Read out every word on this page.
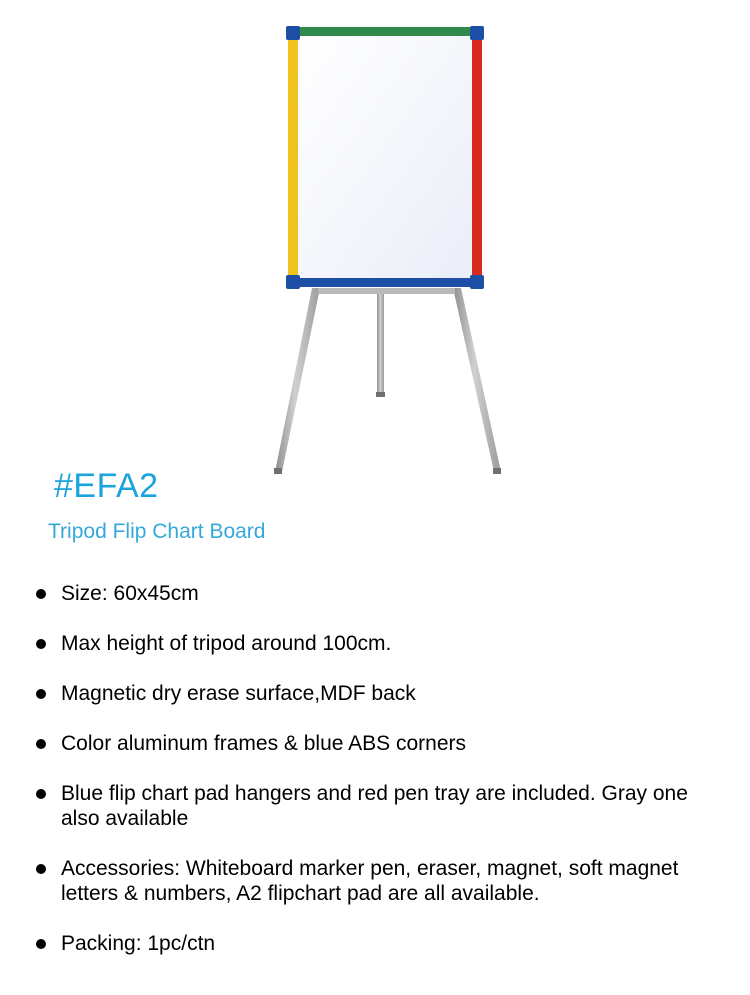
#EFA2
Tripod Flip Chart Board
Size: 60x45cm
Max height of tripod around 100cm.
Magnetic dry erase surface,MDF back
Color aluminum frames & blue ABS corners
Blue flip chart pad hangers and red pen tray are included. Gray one also available
Accessories: Whiteboard marker pen, eraser, magnet, soft magnet letters & numbers, A2 flipchart pad are all available.
Packing: 1pc/ctn
